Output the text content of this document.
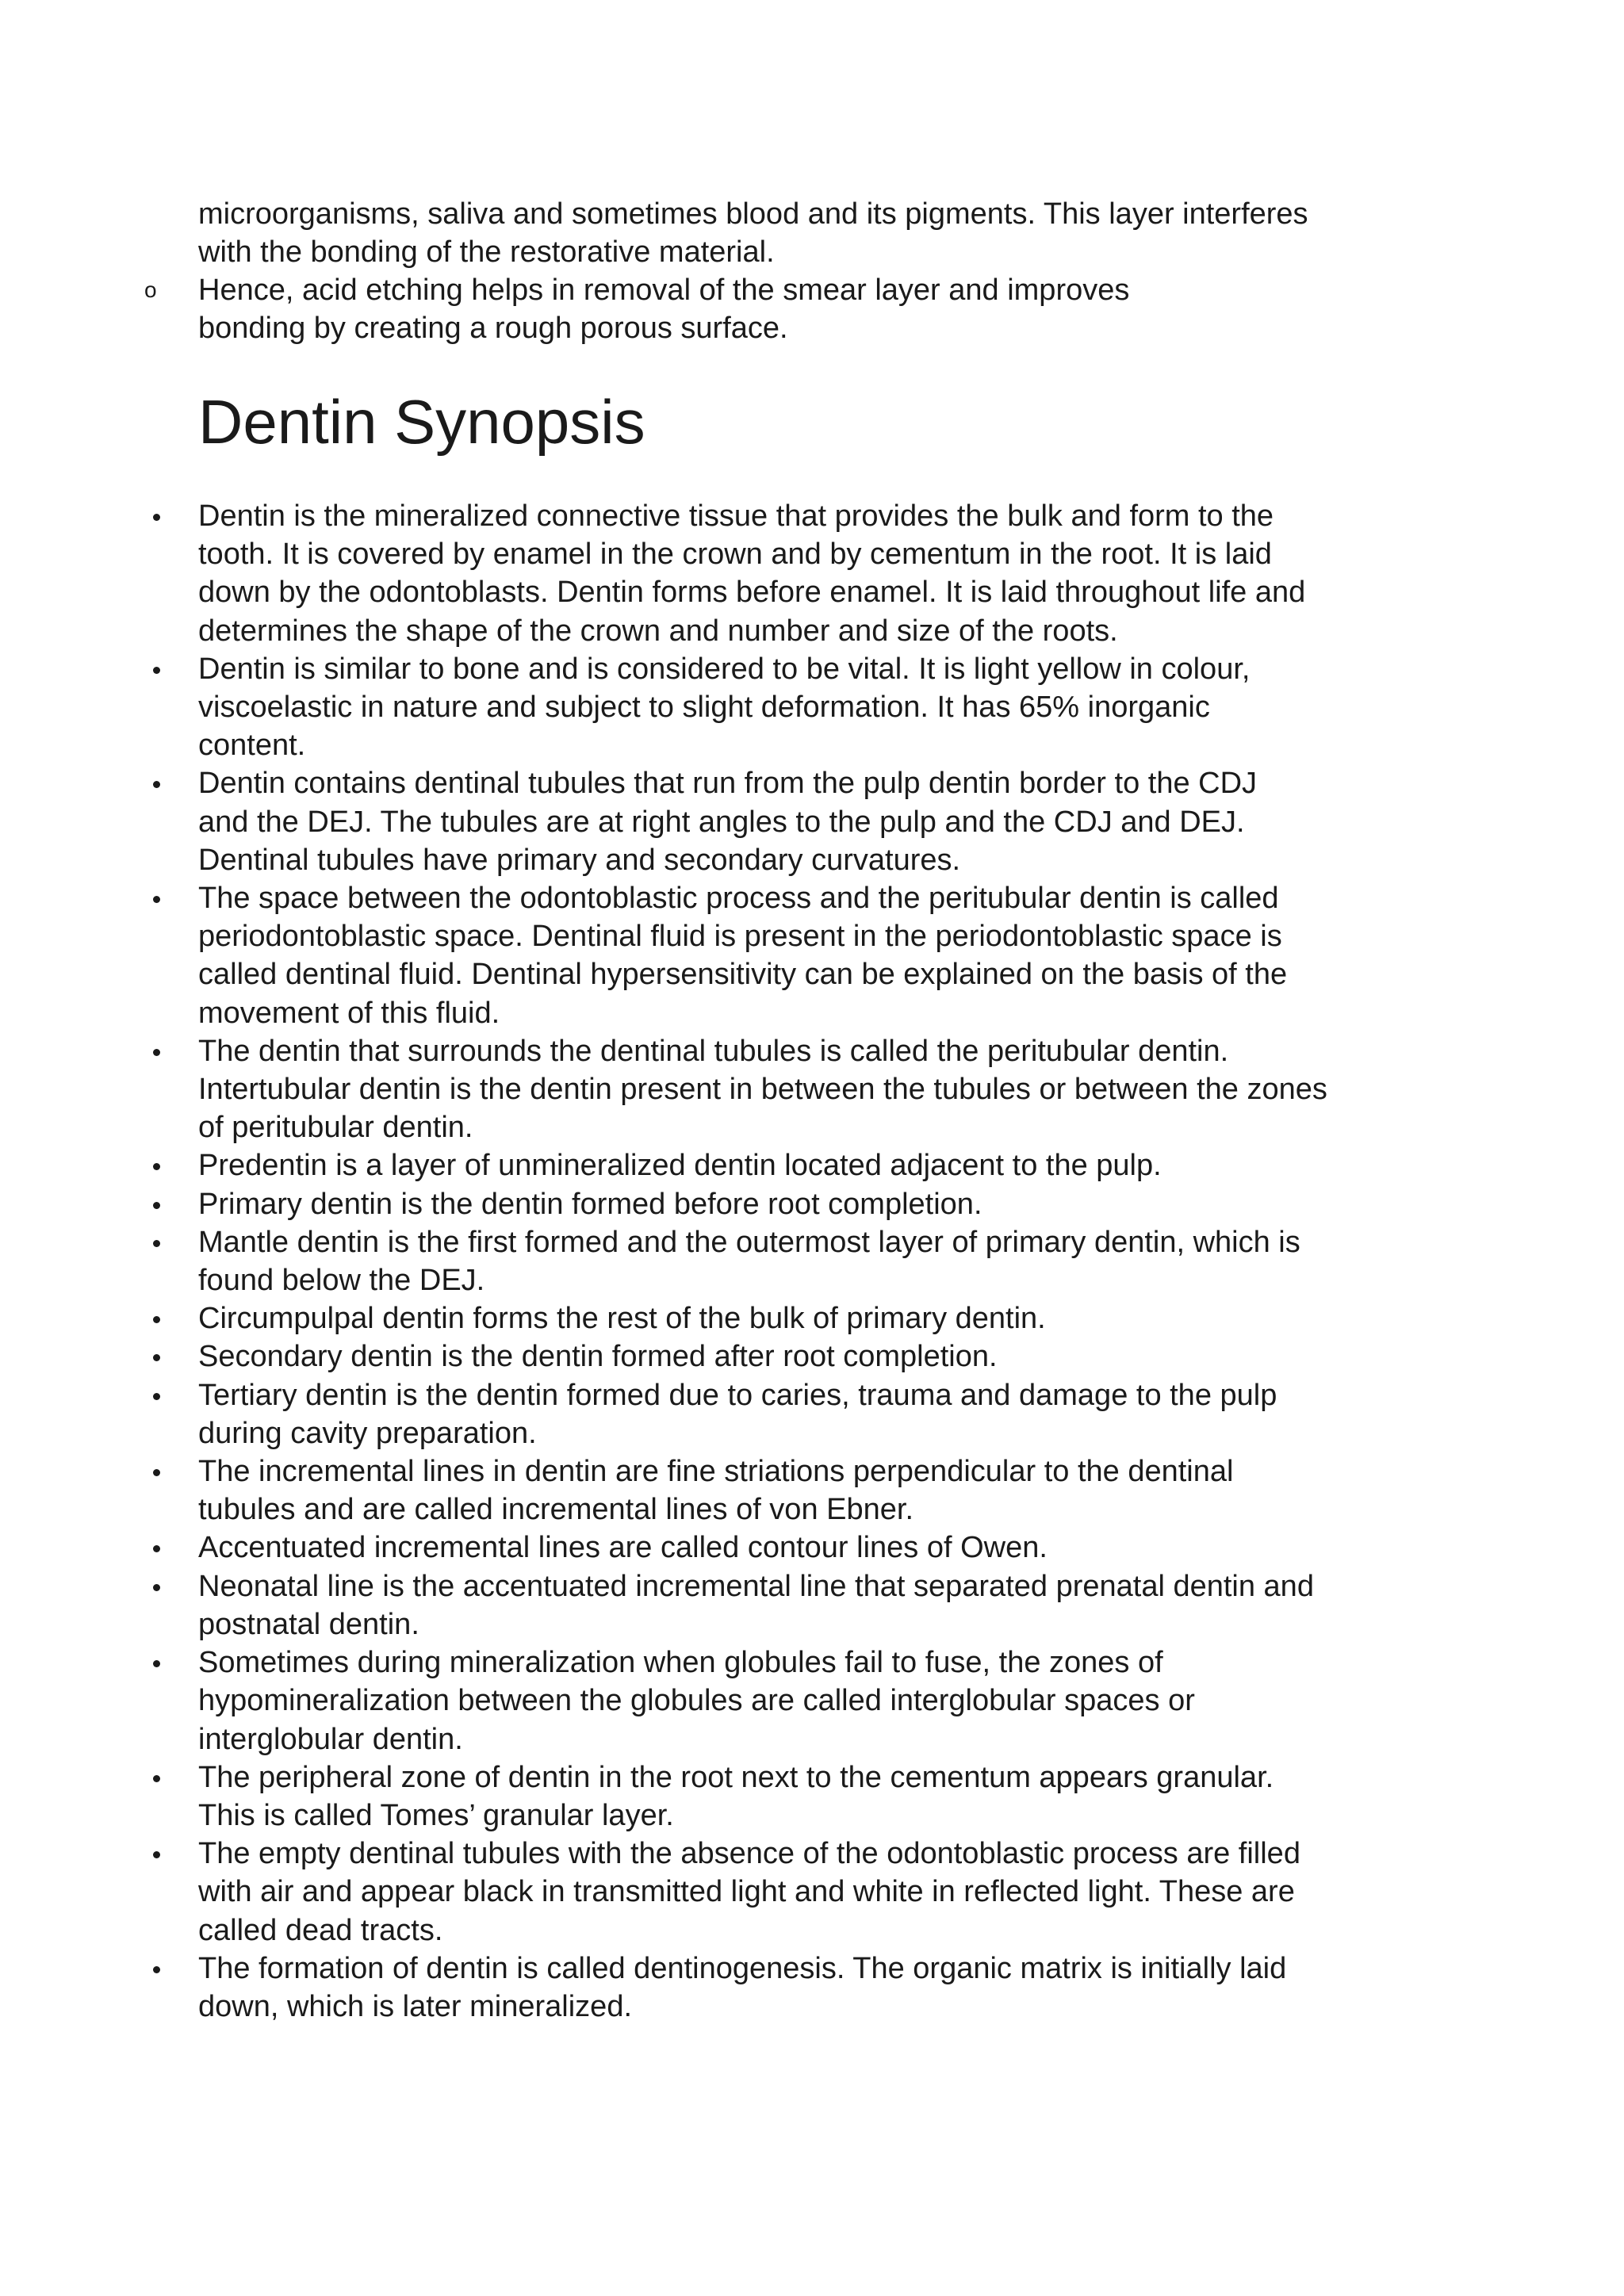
microorganisms, saliva and sometimes blood and its pigments. This layer interferes
with the bonding of the restorative material.
o Hence, acid etching helps in removal of the smear layer and improves
bonding by creating a rough porous surface.
Dentin Synopsis
Dentin is the mineralized connective tissue that provides the bulk and form to the
tooth. It is covered by enamel in the crown and by cementum in the root. It is laid
down by the odontoblasts. Dentin forms before enamel. It is laid throughout life and
determines the shape of the crown and number and size of the roots.
Dentin is similar to bone and is considered to be vital. It is light yellow in colour,
viscoelastic in nature and subject to slight deformation. It has 65% inorganic
content.
Dentin contains dentinal tubules that run from the pulp dentin border to the CDJ
and the DEJ. The tubules are at right angles to the pulp and the CDJ and DEJ.
Dentinal tubules have primary and secondary curvatures.
The space between the odontoblastic process and the peritubular dentin is called
periodontoblastic space. Dentinal fluid is present in the periodontoblastic space is
called dentinal fluid. Dentinal hypersensitivity can be explained on the basis of the
movement of this fluid.
The dentin that surrounds the dentinal tubules is called the peritubular dentin.
Intertubular dentin is the dentin present in between the tubules or between the zones
of peritubular dentin.
Predentin is a layer of unmineralized dentin located adjacent to the pulp.
Primary dentin is the dentin formed before root completion.
Mantle dentin is the first formed and the outermost layer of primary dentin, which is
found below the DEJ.
Circumpulpal dentin forms the rest of the bulk of primary dentin.
Secondary dentin is the dentin formed after root completion.
Tertiary dentin is the dentin formed due to caries, trauma and damage to the pulp
during cavity preparation.
The incremental lines in dentin are fine striations perpendicular to the dentinal
tubules and are called incremental lines of von Ebner.
Accentuated incremental lines are called contour lines of Owen.
Neonatal line is the accentuated incremental line that separated prenatal dentin and
postnatal dentin.
Sometimes during mineralization when globules fail to fuse, the zones of
hypomineralization between the globules are called interglobular spaces or
interglobular dentin.
The peripheral zone of dentin in the root next to the cementum appears granular.
This is called Tomes’ granular layer.
The empty dentinal tubules with the absence of the odontoblastic process are filled
with air and appear black in transmitted light and white in reflected light. These are
called dead tracts.
The formation of dentin is called dentinogenesis. The organic matrix is initially laid
down, which is later mineralized.
